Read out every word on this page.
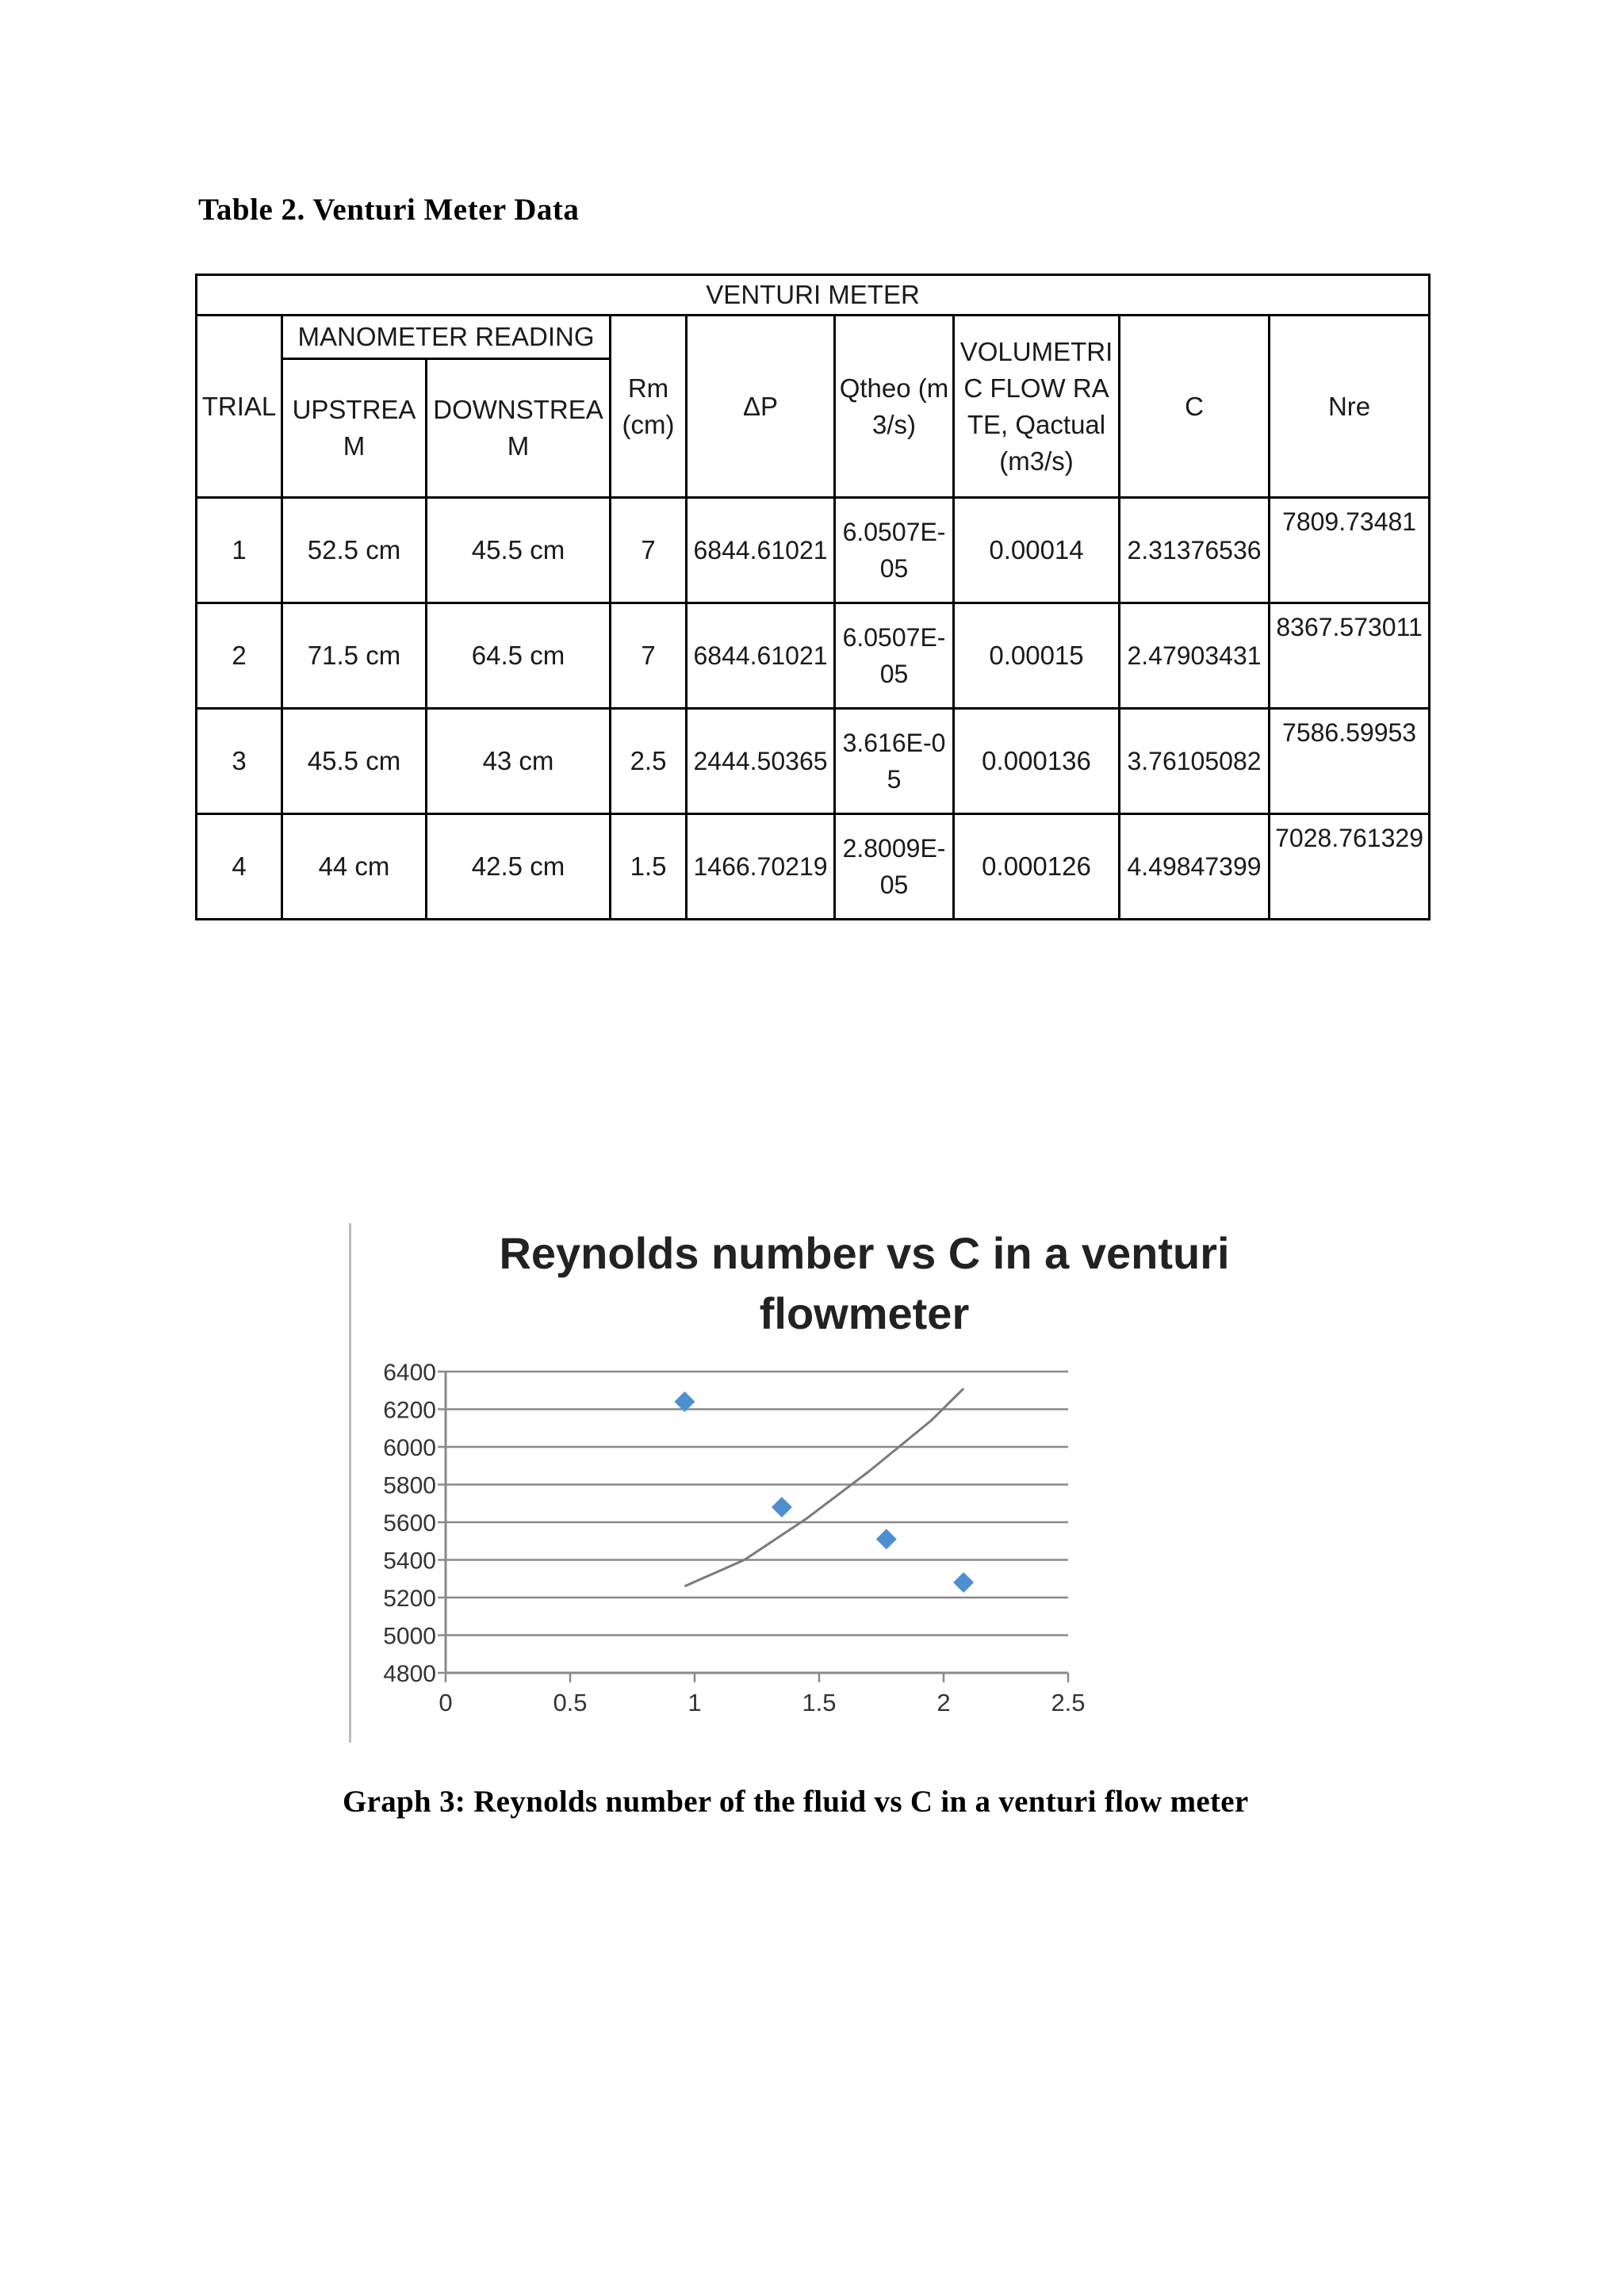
Table 2. Venturi Meter Data
VENTURI METER								
TRIAL	MANOMETER READING		Rm (cm)	ΔP	Qtheo (m3/s)	VOLUMETRIC FLOW RATE, Qactual (m3/s)	C	Nre
	UPSTREAM	DOWNSTREAM						
1	52.5 cm	45.5 cm	7	6844.61021	6.0507E-05	0.00014	2.31376536	7809.73481
2	71.5 cm	64.5 cm	7	6844.61021	6.0507E-05	0.00015	2.47903431	8367.573011
3	45.5 cm	43 cm	2.5	2444.50365	3.616E-05	0.000136	3.76105082	7586.59953
4	44 cm	42.5 cm	1.5	1466.70219	2.8009E-05	0.000126	4.49847399	7028.761329
Reynolds number vs C in a venturi flowmeter
6400
6200
6000
5800
5600
5400
5200
5000
4800
0	0.5	1	1.5	2	2.5
Graph 3: Reynolds number of the fluid vs C in a venturi flow meter
